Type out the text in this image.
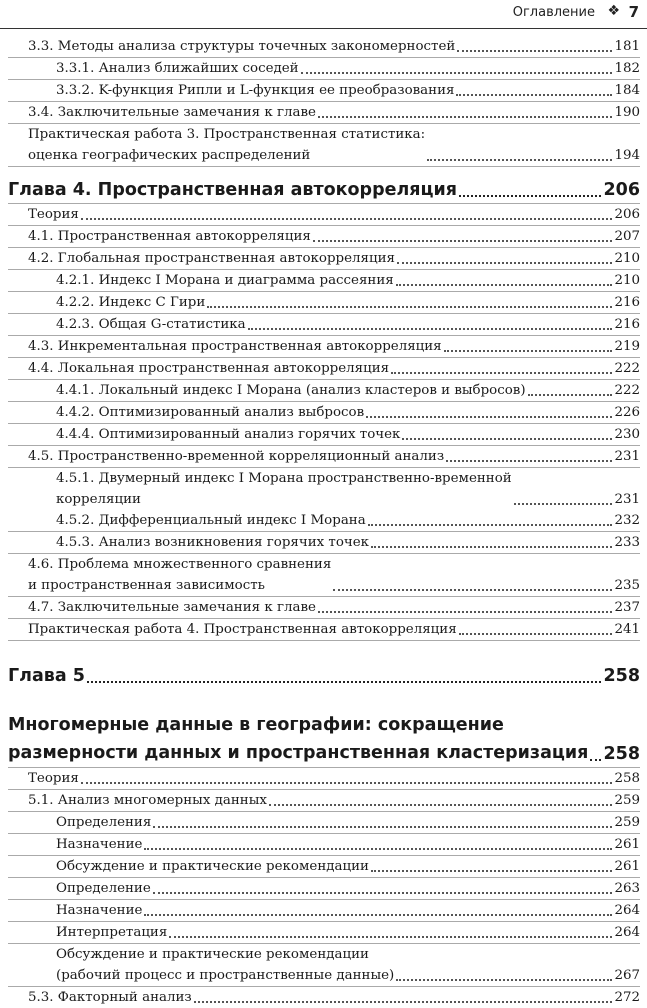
Оглавление ❖ 7
3.3. Методы анализа структуры точечных закономерностей	181
3.3.1. Анализ ближайших соседей	182
3.3.2. K-функция Рипли и L-функция ее преобразования	184
3.4. Заключительные замечания к главе	190
Практическая работа 3. Пространственная статистика:
оценка географических распределений	194
Глава 4. Пространственная автокорреляция	206
Теория	206
4.1. Пространственная автокорреляция	207
4.2. Глобальная пространственная автокорреляция	210
4.2.1. Индекс I Морана и диаграмма рассеяния	210
4.2.2. Индекс C Гири	216
4.2.3. Общая G-статистика	216
4.3. Инкрементальная пространственная автокорреляция	219
4.4. Локальная пространственная автокорреляция	222
4.4.1. Локальный индекс I Морана (анализ кластеров и выбросов)	222
4.4.2. Оптимизированный анализ выбросов	226
4.4.4. Оптимизированный анализ горячих точек	230
4.5. Пространственно-временной корреляционный анализ	231
4.5.1. Двумерный индекс I Морана пространственно-временной
корреляции	231
4.5.2. Дифференциальный индекс I Морана	232
4.5.3. Анализ возникновения горячих точек	233
4.6. Проблема множественного сравнения
и пространственная зависимость	235
4.7. Заключительные замечания к главе	237
Практическая работа 4. Пространственная автокорреляция	241
Глава 5	258
Многомерные данные в географии: сокращение
размерности данных и пространственная кластеризация 258
Теория	258
5.1. Анализ многомерных данных	259
Определения	259
Назначение	261
Обсуждение и практические рекомендации	261
Определение	263
Назначение	264
Интерпретация	264
Обсуждение и практические рекомендации
(рабочий процесс и пространственные данные)	267
5.3. Факторный анализ	272
